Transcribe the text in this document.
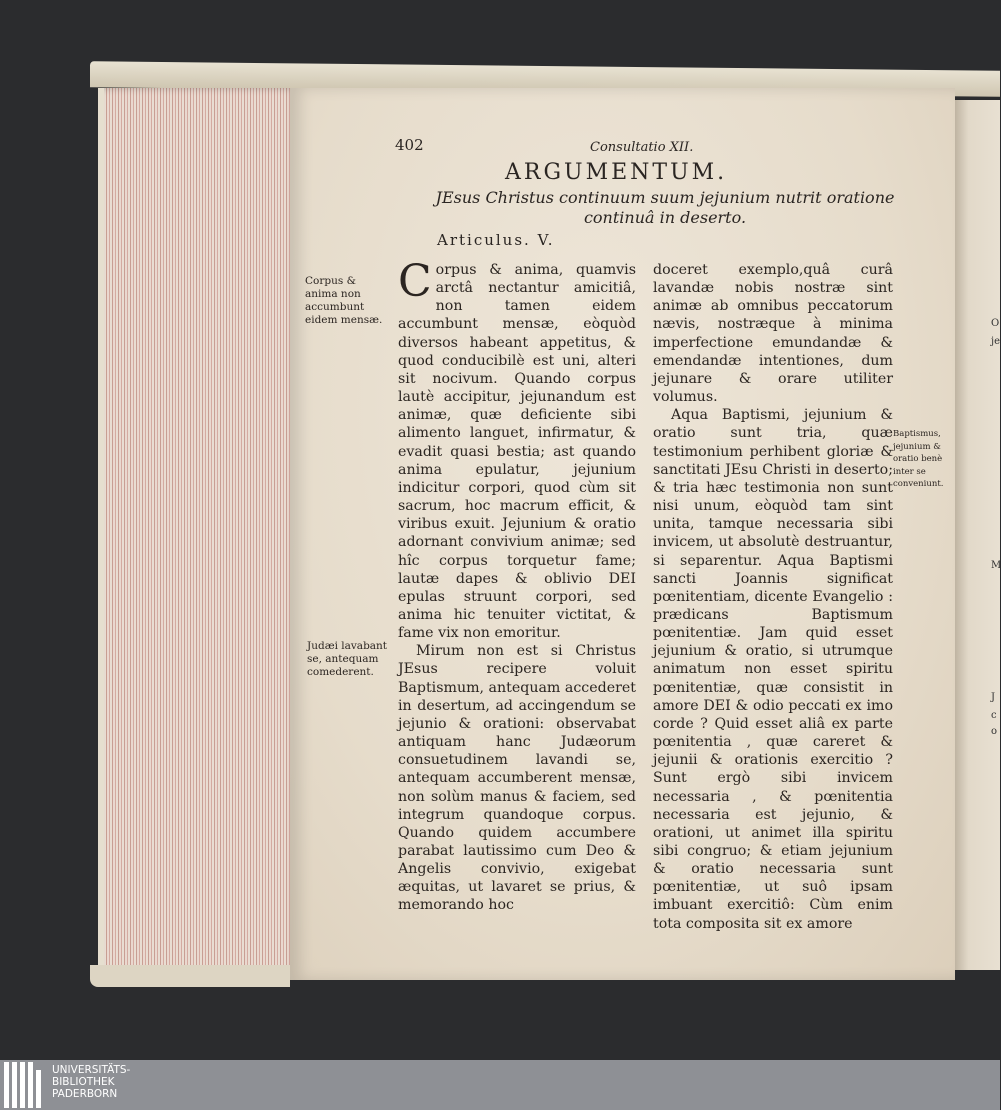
O
je
M
J
c
o
402	Consultatio XII.
ARGUMENTUM.
JEsus Christus continuum suum jejunium nutrit oratione continuâ in deserto.
Articulus. V.

Corpus & anima, quamvis arctâ nectantur amicitiâ, non tamen eidem accumbunt mensæ, eòquòd diversos habeant appetitus, & quod conducibilè est uni, alteri sit nocivum. Quando corpus lautè accipitur, jejunandum est animæ, quæ deficiente sibi alimento languet, infirmatur, & evadit quasi bestia; ast quando anima epulatur, jejunium indicitur corpori, quod cùm sit sacrum, hoc macrum efficit, & viribus exuit. Jejunium & oratio adornant convivium animæ; sed hîc corpus torquetur fame; lautæ dapes & oblivio DEI epulas struunt corpori, sed anima hic tenuiter victitat, & fame vix non emoritur.

Mirum non est si Christus JEsus recipere voluit Baptismum, antequam accederet in desertum, ad accingendum se jejunio & orationi: observabat antiquam hanc Judæorum consuetudinem lavandi se, antequam accumberent mensæ, non solùm manus & faciem, sed integrum quandoque corpus. Quando quidem accumbere parabat lautissimo cum Deo & Angelis convivio, exigebat æquitas, ut lavaret se prius, & memorando hoc

doceret exemplo,quâ curâ lavandæ nobis nostræ sint animæ ab omnibus peccatorum nævis, nostræque à minima imperfectione emundandæ & emendandæ intentiones, dum jejunare & orare utiliter volumus.

Aqua Baptismi, jejunium & oratio sunt tria, quæ testimonium perhibent gloriæ & sanctitati JEsu Christi in deserto; & tria hæc testimonia non sunt nisi unum, eòquòd tam sint unita, tamque necessaria sibi invicem, ut absolutè destruantur, si separentur. Aqua Baptismi sancti Joannis significat pœnitentiam, dicente Evangelio : prædicans Baptismum pœnitentiæ. Jam quid esset jejunium & oratio, si utrumque animatum non esset spiritu pœnitentiæ, quæ consistit in amore DEI & odio peccati ex imo corde ? Quid esset aliâ ex parte pœnitentia , quæ careret & jejunii & orationis exercitio ? Sunt ergò sibi invicem necessaria , & pœnitentia necessaria est jejunio, & orationi, ut animet illa spiritu sibi congruo; & etiam jejunium & oratio necessaria sunt pœnitentiæ, ut suô ipsam imbuant exercitiô: Cùm enim tota composita sit ex amore

Corpus & anima non accumbunt eidem mensæ.
Judæi lavabant se, antequam comederent.
Baptismus, jejunium & oratio benè inter se conveniunt.
UNIVERSITÄTS-
BIBLIOTHEK
PADERBORN
